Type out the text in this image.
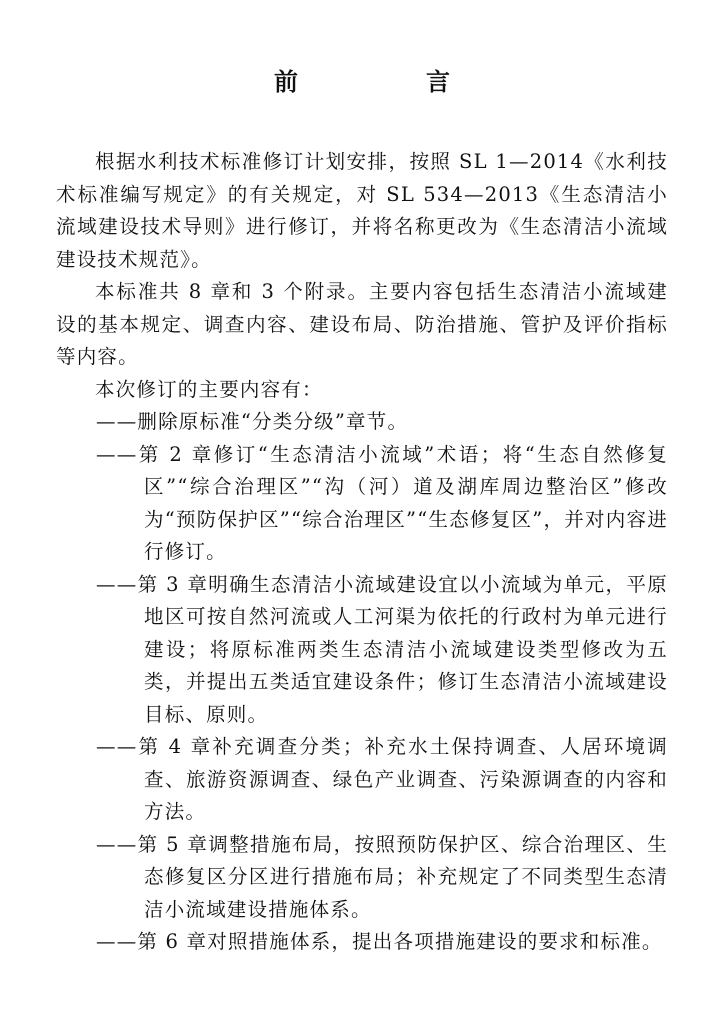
前　言

根据水利技术标准修订计划安排，按照 SL 1—2014《水利技术标准编写规定》的有关规定，对 SL 534—2013《生态清洁小流域建设技术导则》进行修订，并将名称更改为《生态清洁小流域建设技术规范》。

本标准共 8 章和 3 个附录。主要内容包括生态清洁小流域建设的基本规定、调查内容、建设布局、防治措施、管护及评价指标等内容。

本次修订的主要内容有：

——删除原标准“分类分级”章节。

——第 2 章修订“生态清洁小流域”术语；将“生态自然修复区”“综合治理区”“沟（河）道及湖库周边整治区”修改为“预防保护区”“综合治理区”“生态修复区”，并对内容进行修订。

——第 3 章明确生态清洁小流域建设宜以小流域为单元，平原地区可按自然河流或人工河渠为依托的行政村为单元进行建设；将原标准两类生态清洁小流域建设类型修改为五类，并提出五类适宜建设条件；修订生态清洁小流域建设目标、原则。

——第 4 章补充调查分类；补充水土保持调查、人居环境调查、旅游资源调查、绿色产业调查、污染源调查的内容和方法。

——第 5 章调整措施布局，按照预防保护区、综合治理区、生态修复区分区进行措施布局；补充规定了不同类型生态清洁小流域建设措施体系。

——第 6 章对照措施体系，提出各项措施建设的要求和标准。
